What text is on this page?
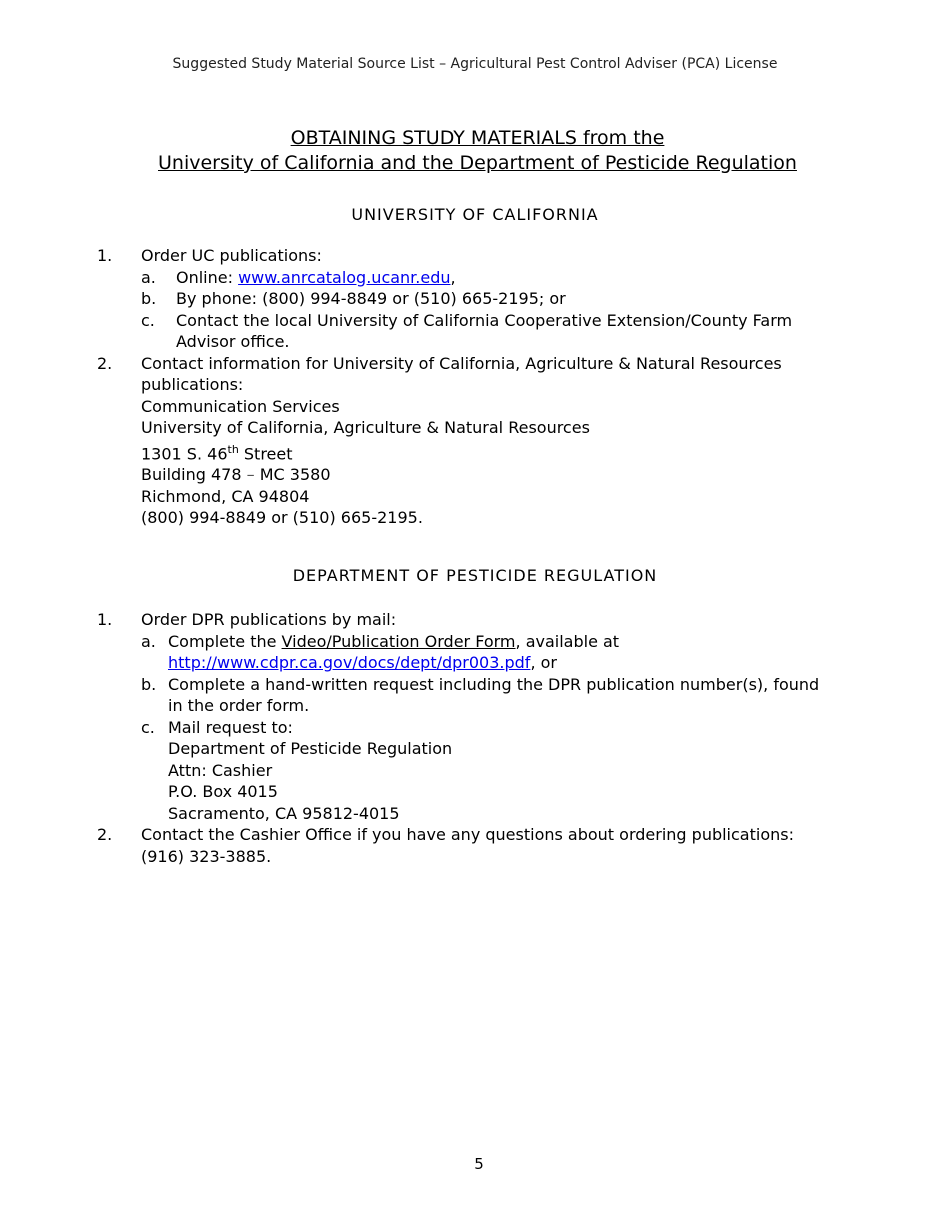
Suggested Study Material Source List – Agricultural Pest Control Adviser (PCA) License
OBTAINING STUDY MATERIALS from the
University of California and the Department of Pesticide Regulation
UNIVERSITY OF CALIFORNIA
1. Order UC publications:
a. Online: www.anrcatalog.ucanr.edu,
b. By phone: (800) 994-8849 or (510) 665-2195; or
c. Contact the local University of California Cooperative Extension/County Farm Advisor office.
2. Contact information for University of California, Agriculture & Natural Resources publications:
Communication Services
University of California, Agriculture & Natural Resources
1301 S. 46th Street
Building 478 – MC 3580
Richmond, CA 94804
(800) 994-8849 or (510) 665-2195.
DEPARTMENT OF PESTICIDE REGULATION
1. Order DPR publications by mail:
a. Complete the Video/Publication Order Form, available at
http://www.cdpr.ca.gov/docs/dept/dpr003.pdf, or
b. Complete a hand-written request including the DPR publication number(s), found in the order form.
c. Mail request to:
Department of Pesticide Regulation
Attn: Cashier
P.O. Box 4015
Sacramento, CA 95812-4015
2. Contact the Cashier Office if you have any questions about ordering publications:
(916) 323-3885.
5
